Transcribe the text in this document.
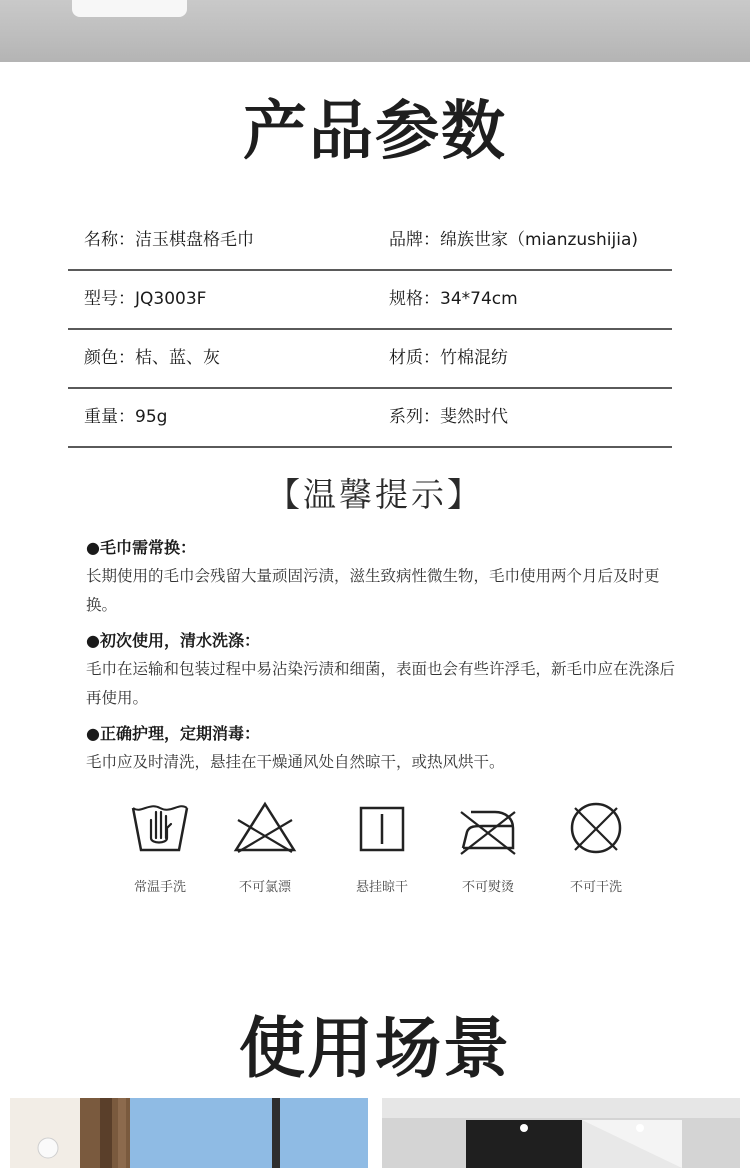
产品参数
名称：洁玉棋盘格毛巾	品牌：绵族世家（mianzushijia)
型号：JQ3003F	规格：34*74cm
颜色：桔、蓝、灰	材质：竹棉混纺
重量：95g	系列：斐然时代
【温馨提示】
●毛巾需常换：
长期使用的毛巾会残留大量顽固污渍，滋生致病性微生物，毛巾使用两个月后及时更换。
●初次使用，清水洗涤：
毛巾在运输和包装过程中易沾染污渍和细菌，表面也会有些许浮毛，新毛巾应在洗涤后再使用。
●正确护理，定期消毒：
毛巾应及时清洗，悬挂在干燥通风处自然晾干，或热风烘干。
常温手洗	不可氯漂	悬挂晾干	不可熨烫	不可干洗
使用场景
